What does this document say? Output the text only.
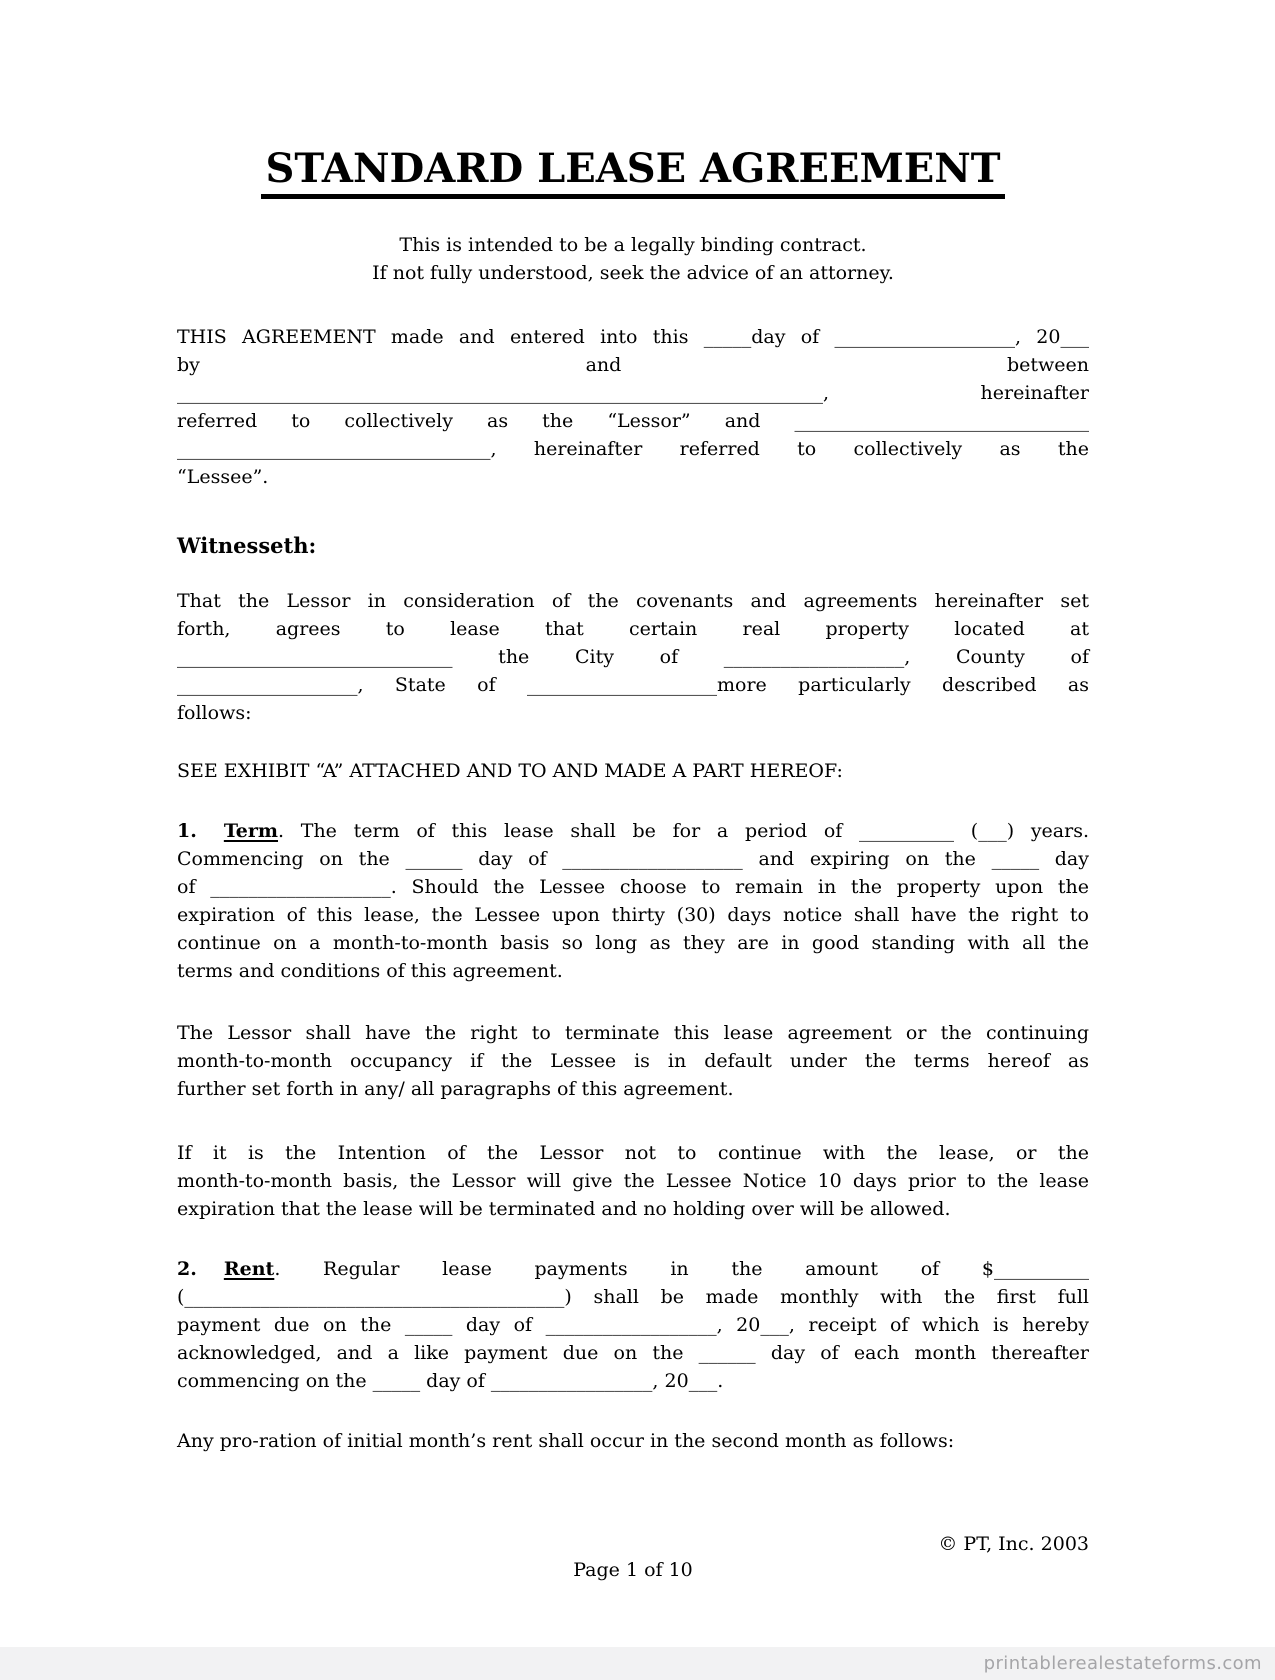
STANDARD LEASE AGREEMENT
This is intended to be a legally binding contract.
If not fully understood, seek the advice of an attorney.
THIS AGREEMENT made and entered into this _____day of ___________________, 20___
by and between
____________________________________________________________________, hereinafter
referred to collectively as the “Lessor” and _______________________________
_________________________________, hereinafter referred to collectively as the
“Lessee”.
Witnesseth:
That the Lessor in consideration of the covenants and agreements hereinafter set
forth, agrees to lease that certain real property located at
_____________________________ the City of ___________________, County of
___________________, State of ____________________more particularly described as
follows:
SEE EXHIBIT “A” ATTACHED AND TO AND MADE A PART HEREOF:
1. Term. The term of this lease shall be for a period of __________ (___) years.
Commencing on the ______ day of ___________________ and expiring on the _____ day
of ___________________. Should the Lessee choose to remain in the property upon the
expiration of this lease, the Lessee upon thirty (30) days notice shall have the right to
continue on a month-to-month basis so long as they are in good standing with all the
terms and conditions of this agreement.
The Lessor shall have the right to terminate this lease agreement or the continuing
month-to-month occupancy if the Lessee is in default under the terms hereof as
further set forth in any/ all paragraphs of this agreement.
If it is the Intention of the Lessor not to continue with the lease, or the
month-to-month basis, the Lessor will give the Lessee Notice 10 days prior to the lease
expiration that the lease will be terminated and no holding over will be allowed.
2. Rent. Regular lease payments in the amount of $__________
(________________________________________) shall be made monthly with the first full
payment due on the _____ day of __________________, 20___, receipt of which is hereby
acknowledged, and a like payment due on the ______ day of each month thereafter
commencing on the _____ day of _________________, 20___.
Any pro-ration of initial month’s rent shall occur in the second month as follows:
© PT, Inc. 2003
Page 1 of 10
printablerealestateforms.com
